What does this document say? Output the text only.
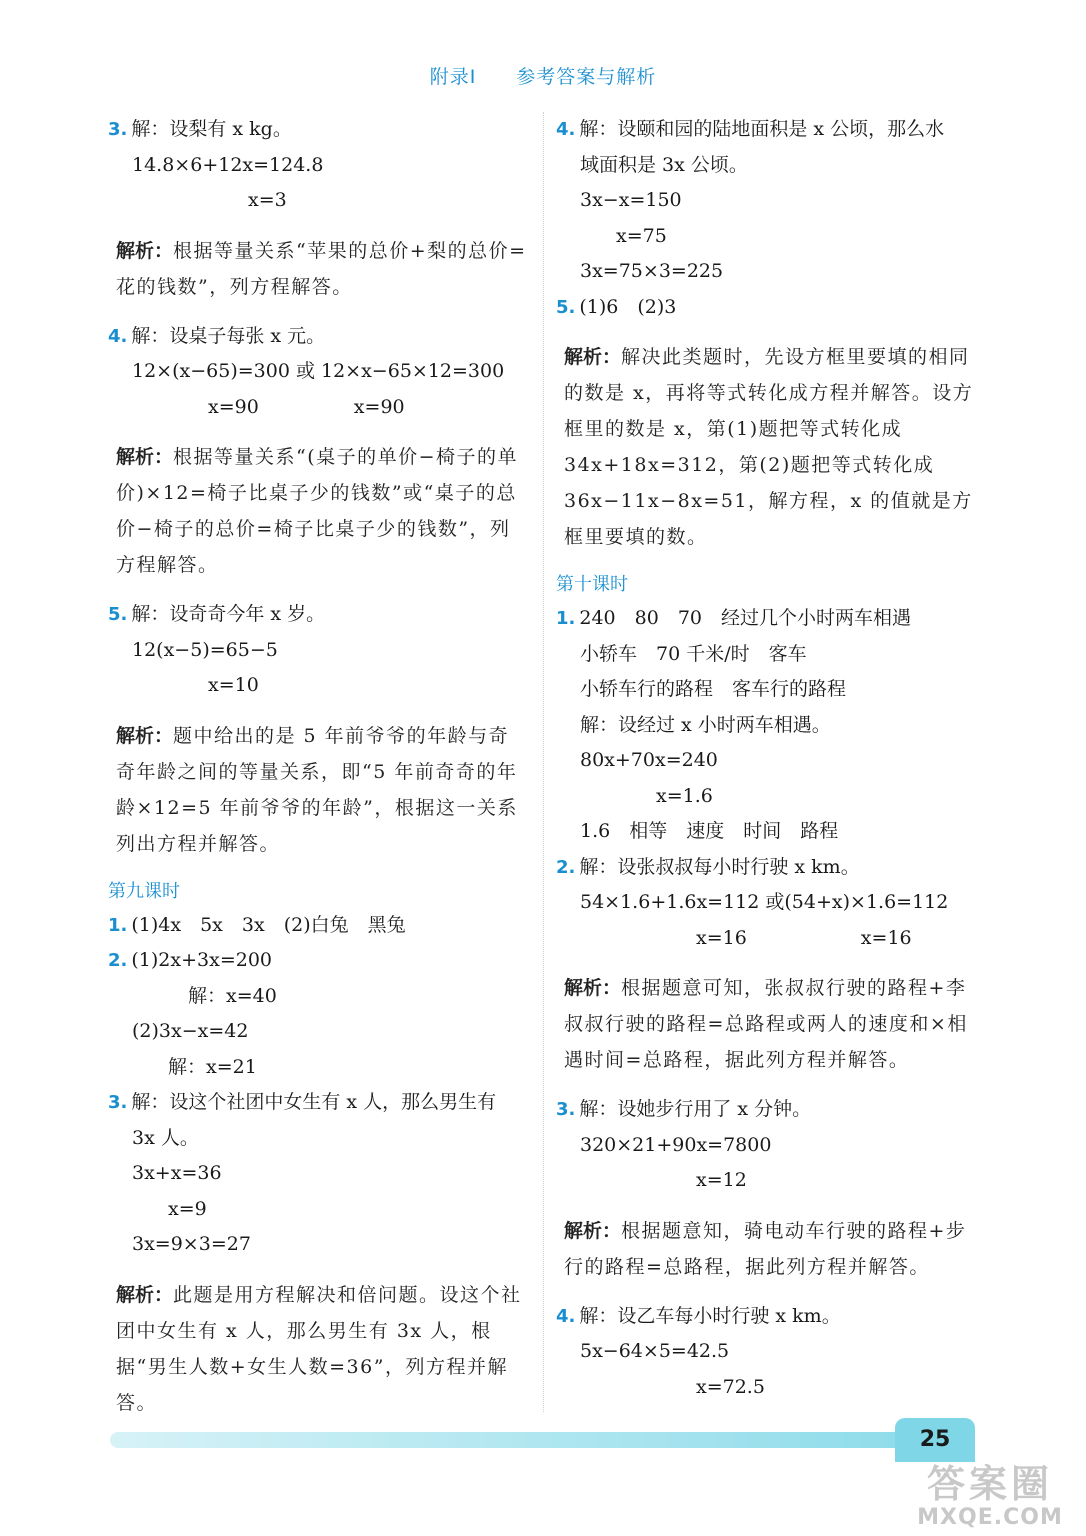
附录Ⅰ 参考答案与解析
3. 解：设梨有 x kg。
14.8×6+12x=124.8
x=3
解析：根据等量关系“苹果的总价+梨的总价=花的钱数”，列方程解答。
4. 解：设桌子每张 x 元。
12×(x−65)=300 或 12×x−65×12=300
x=90　　　　　x=90
解析：根据等量关系“(桌子的单价−椅子的单价)×12=椅子比桌子少的钱数”或“桌子的总价−椅子的总价=椅子比桌子少的钱数”，列方程解答。
5. 解：设奇奇今年 x 岁。
12(x−5)=65−5
x=10
解析：题中给出的是 5 年前爷爷的年龄与奇奇年龄之间的等量关系，即“5 年前奇奇的年龄×12=5 年前爷爷的年龄”，根据这一关系列出方程并解答。
第九课时
1. (1)4x　5x　3x　(2)白兔　黑兔
2. (1)2x+3x=200
解：x=40
(2)3x−x=42
解：x=21
3. 解：设这个社团中女生有 x 人，那么男生有
3x 人。
3x+x=36
x=9
3x=9×3=27
解析：此题是用方程解决和倍问题。设这个社团中女生有 x 人，那么男生有 3x 人，根据“男生人数+女生人数=36”，列方程并解答。
4. 解：设颐和园的陆地面积是 x 公顷，那么水
域面积是 3x 公顷。
3x−x=150
x=75
3x=75×3=225
5. (1)6　(2)3
解析：解决此类题时，先设方框里要填的相同的数是 x，再将等式转化成方程并解答。设方框里的数是 x，第(1)题把等式转化成 34x+18x=312，第(2)题把等式转化成 36x−11x−8x=51，解方程，x 的值就是方框里要填的数。
第十课时
1. 240　80　70　经过几个小时两车相遇
小轿车　70 千米/时　客车
小轿车行的路程　客车行的路程
解：设经过 x 小时两车相遇。
80x+70x=240
x=1.6
1.6　相等　速度　时间　路程
2. 解：设张叔叔每小时行驶 x km。
54×1.6+1.6x=112 或(54+x)×1.6=112
x=16　　　　　　x=16
解析：根据题意可知，张叔叔行驶的路程+李叔叔行驶的路程=总路程或两人的速度和×相遇时间=总路程，据此列方程并解答。
3. 解：设她步行用了 x 分钟。
320×21+90x=7800
x=12
解析：根据题意知，骑电动车行驶的路程+步行的路程=总路程，据此列方程并解答。
4. 解：设乙车每小时行驶 x km。
5x−64×5=42.5
x=72.5
25
答案圈
MXQE.COM
